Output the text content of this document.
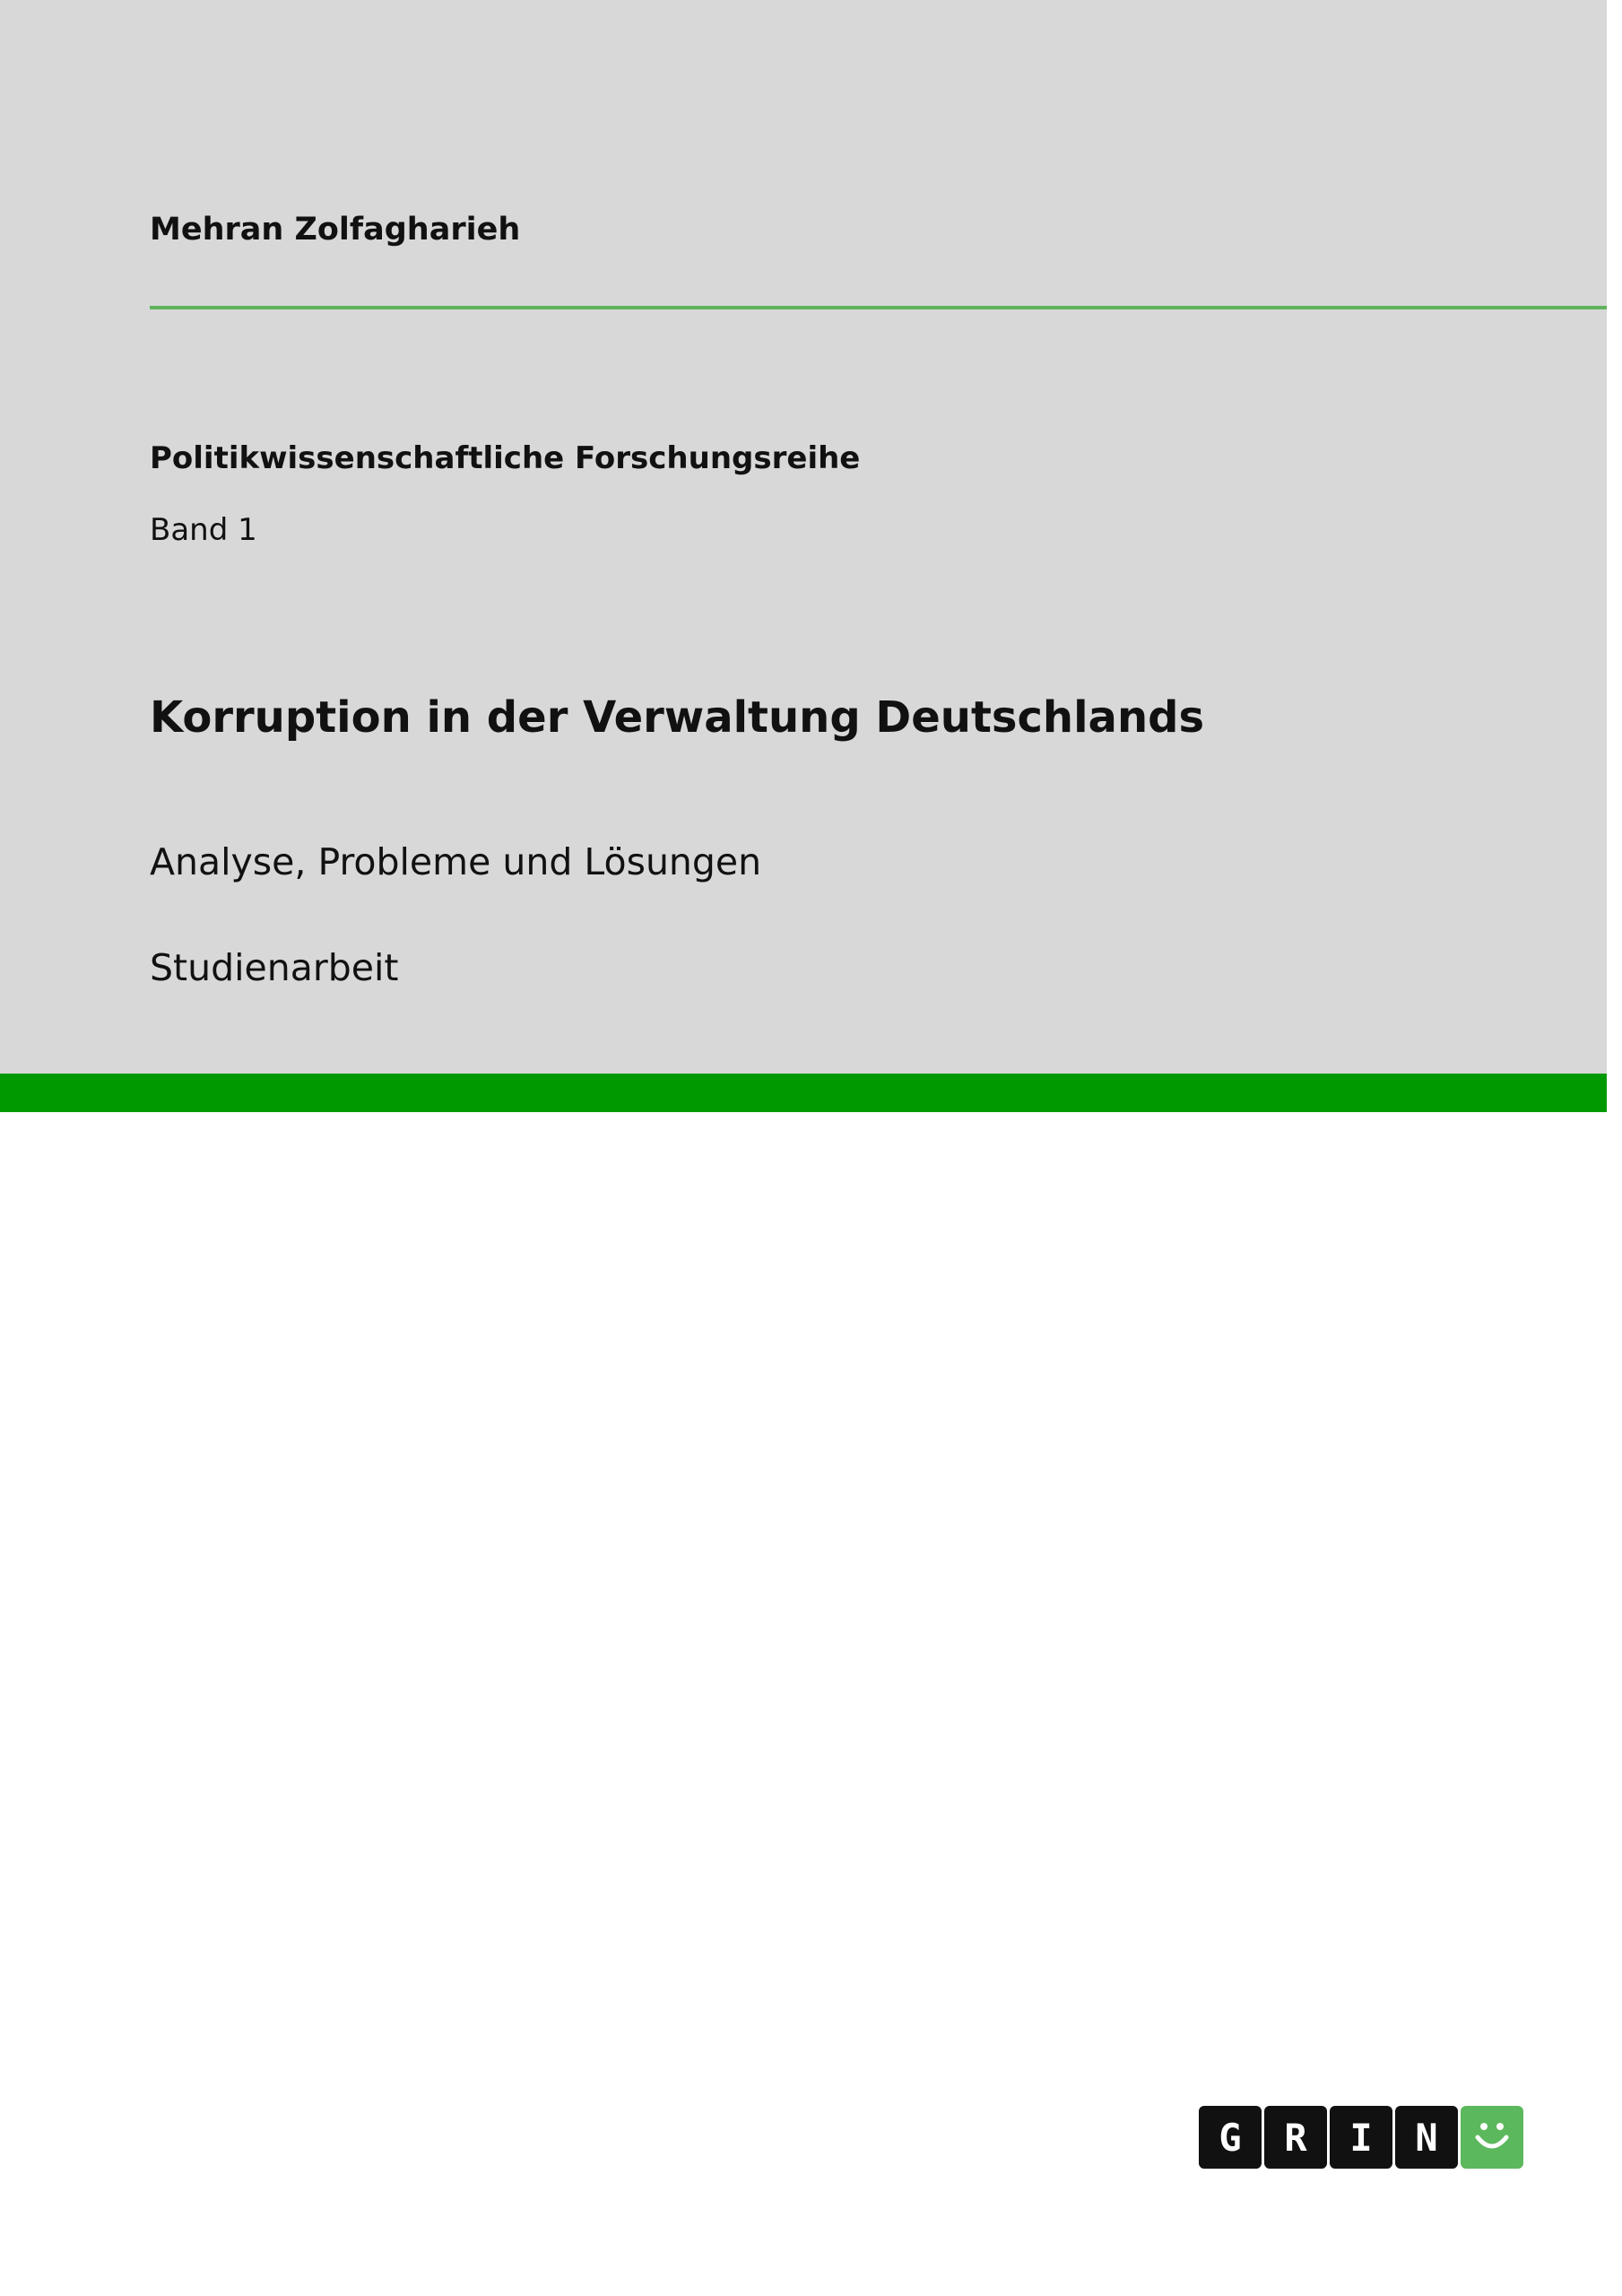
Mehran Zolfagharieh
Politikwissenschaftliche Forschungsreihe
Band 1
Korruption in der Verwaltung Deutschlands
Analyse, Probleme und Lösungen
Studienarbeit
G	R	I	N
